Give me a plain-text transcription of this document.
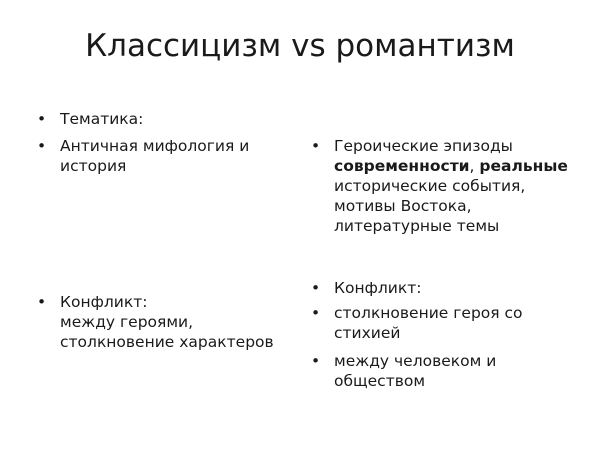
Классицизм vs романтизм
• Тематика:
• Античная мифология и
история
• Конфликт:
между героями,
столкновение характеров
• Героические эпизоды
современности, реальные
исторические события,
мотивы Востока,
литературные темы
• Конфликт:
• столкновение героя со
стихией
• между человеком и
обществом
